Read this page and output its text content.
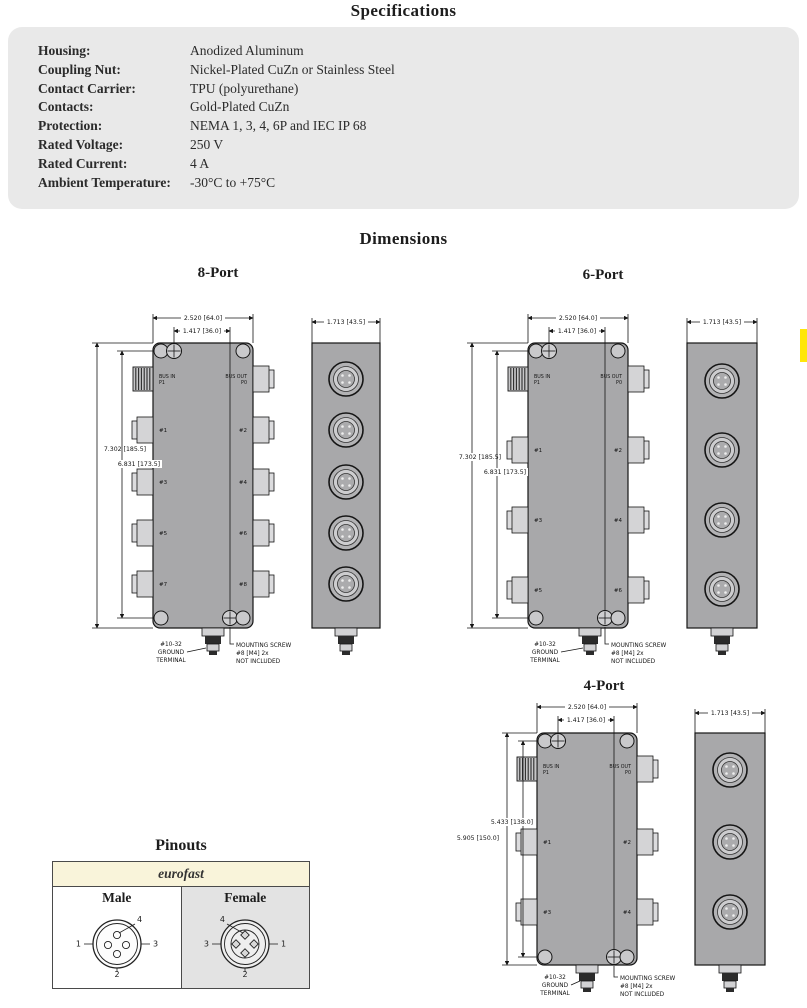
Specifications
Housing:	Anodized Aluminum
Coupling Nut:	Nickel-Plated CuZn or Stainless Steel
Contact Carrier:	TPU (polyurethane)
Contacts:	Gold-Plated CuZn
Protection:	NEMA 1, 3, 4, 6P and IEC IP 68
Rated Voltage:	250 V
Rated Current:	4 A
Ambient Temperature:	-30°C to +75°C
Dimensions
8-Port	6-Port
4-Port
BUS IN
P1
BUS OUT
P0
#1	#2
#3	#4
#5	#6
#7	#8
2.520 [64.0]
1.417 [36.0]
7.302 [185.5]
6.831 [173.5]
1.713 [43.5]
#10-32
GROUND
TERMINAL
MOUNTING SCREW
#8 [M4] 2x
NOT INCLUDED
BUS IN
P1
BUS OUT
P0
#1	#2
#3	#4
#5	#6
2.520 [64.0]
1.417 [36.0]
7.302 [185.5]
6.831 [173.5]
1.713 [43.5]
#10-32
GROUND
TERMINAL
MOUNTING SCREW
#8 [M4] 2x
NOT INCLUDED
BUS IN
P1
BUS OUT
P0
#1	#2
#3	#4
2.520 [64.0]
1.417 [36.0]
5.905 [150.0]
5.433 [138.0]
1.713 [43.5]
#10-32
GROUND
TERMINAL
MOUNTING SCREW
#8 [M4] 2x
NOT INCLUDED
Pinouts
eurofast
Male
1	3
2
4
Female
3	1
2
4
